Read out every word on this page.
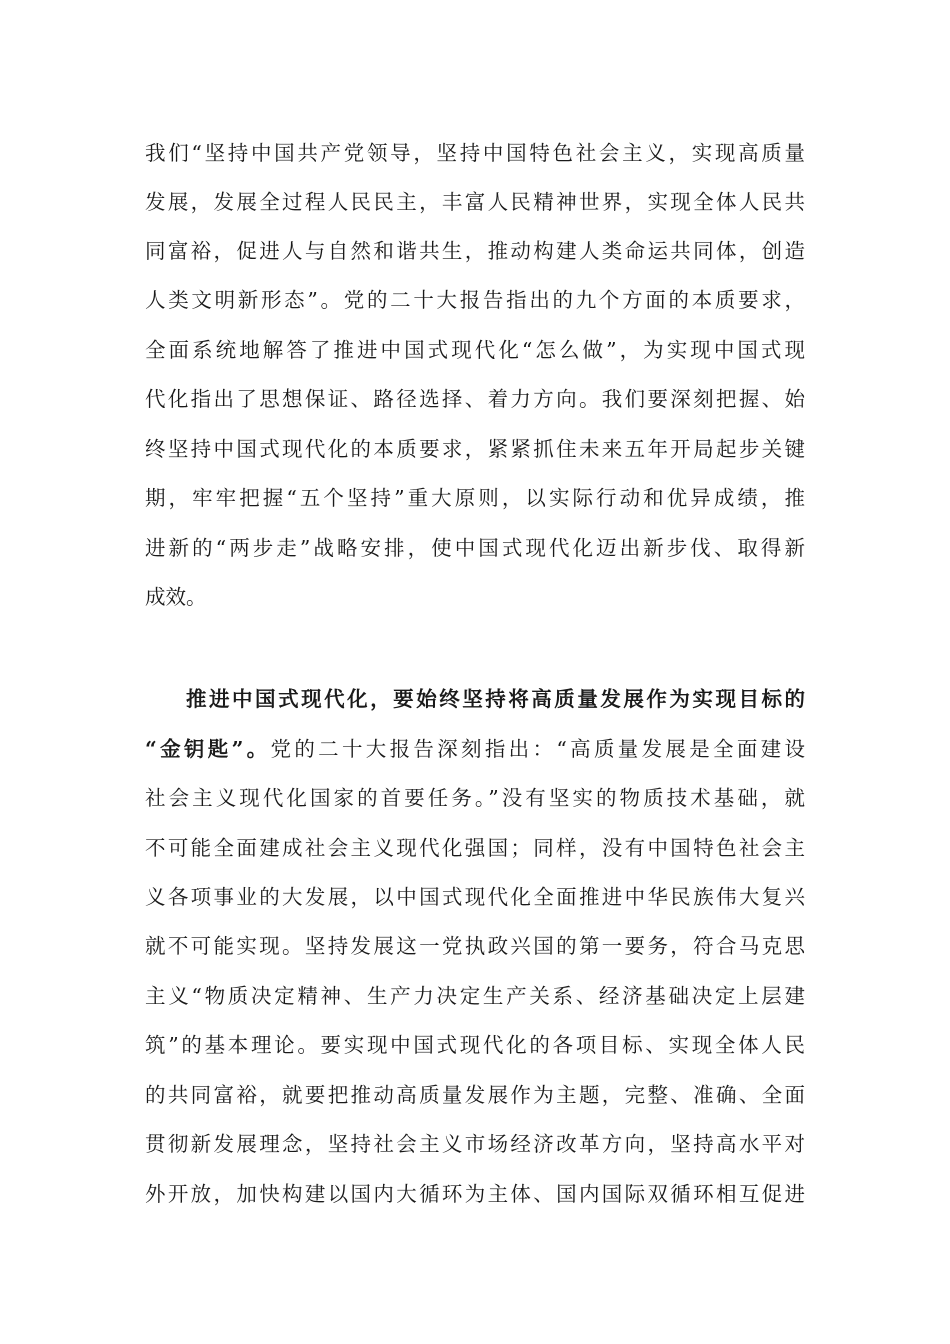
我们“坚持中国共产党领导，坚持中国特色社会主义，实现高质量

发展，发展全过程人民民主，丰富人民精神世界，实现全体人民共

同富裕，促进人与自然和谐共生，推动构建人类命运共同体，创造

人类文明新形态”。党的二十大报告指出的九个方面的本质要求，

全面系统地解答了推进中国式现代化“怎么做”，为实现中国式现

代化指出了思想保证、路径选择、着力方向。我们要深刻把握、始

终坚持中国式现代化的本质要求，紧紧抓住未来五年开局起步关键

期，牢牢把握“五个坚持”重大原则，以实际行动和优异成绩，推

进新的“两步走”战略安排，使中国式现代化迈出新步伐、取得新

成效。

推进中国式现代化，要始终坚持将高质量发展作为实现目标的

“金钥匙”。党的二十大报告深刻指出：“高质量发展是全面建设

社会主义现代化国家的首要任务。”没有坚实的物质技术基础，就

不可能全面建成社会主义现代化强国；同样，没有中国特色社会主

义各项事业的大发展，以中国式现代化全面推进中华民族伟大复兴

就不可能实现。坚持发展这一党执政兴国的第一要务，符合马克思

主义“物质决定精神、生产力决定生产关系、经济基础决定上层建

筑”的基本理论。要实现中国式现代化的各项目标、实现全体人民

的共同富裕，就要把推动高质量发展作为主题，完整、准确、全面

贯彻新发展理念，坚持社会主义市场经济改革方向，坚持高水平对

外开放，加快构建以国内大循环为主体、国内国际双循环相互促进
